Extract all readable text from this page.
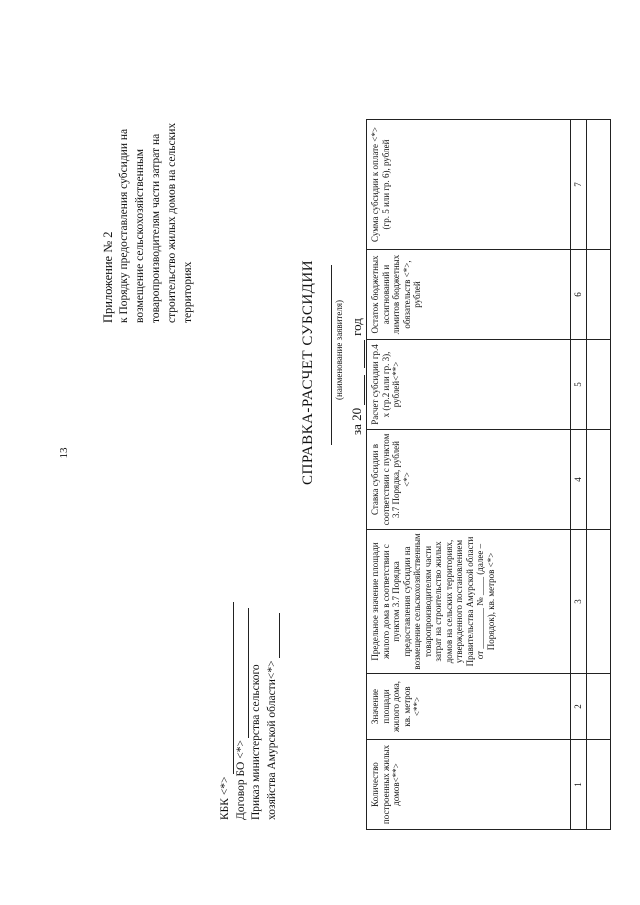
13
Приложение № 2 к Порядку предоставления субсидии на возмещение сельскохозяйственным товаропроизводителям части затрат на строительство жилых домов на сельских территориях
КБК <*> Договор БО <*> Приказ министерства сельского хозяйства Амурской области<*>
СПРАВКА-РАСЧЕТ СУБСИДИИ (наименование заявителя)
за 20
год
Количество построенных жилых домов<**>	Значение площади жилого дома, кв. метров <**>	Предельное значение площади жилого дома в соответствии с пунктом 3.7 Порядка предоставления субсидии на возмещение сельскохозяйственным товаропроизводителям части затрат на строительство жилых домов на сельских территориях, утвержденного постановлением Правительства Амурской области от _________ № ____ (далее – Порядок), кв. метров <*>	Ставка субсидии в соответствии с пунктом 3.7 Порядка, рублей <*>	Расчет субсидии гр.4 х (гр.2 или гр. 3), рублей<**>	Остаток бюджетных ассигнований и лимитов бюджетных обязательств <*>, рублей	Сумма субсидии к оплате <*> (гр. 5 или гр. 6), рублей
1	2	3	4	5	6	7
